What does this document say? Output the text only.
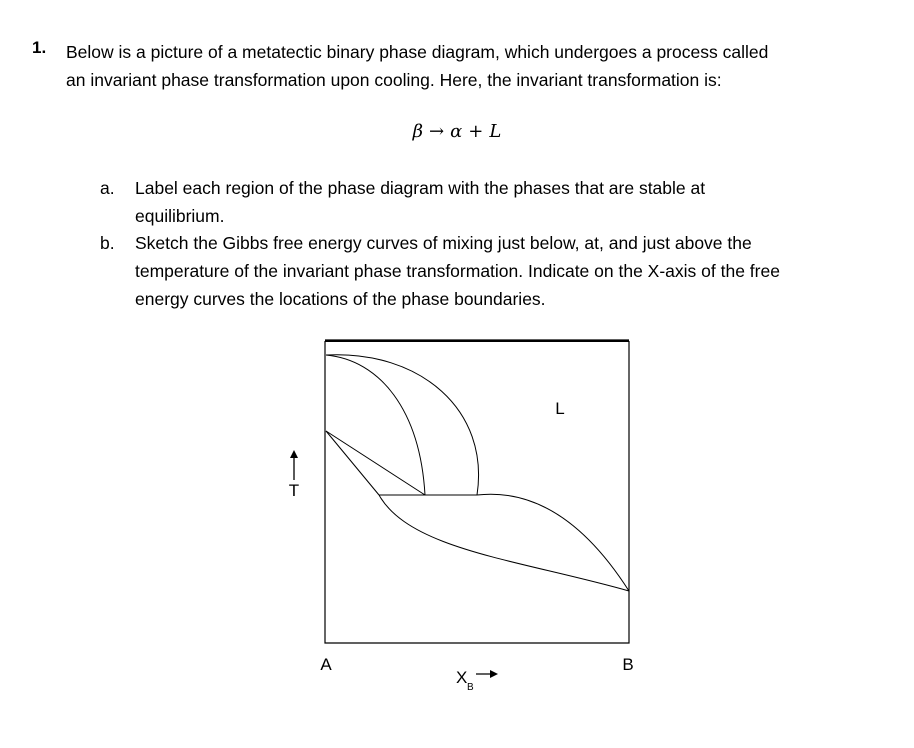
1. Below is a picture of a metatectic binary phase diagram, which undergoes a process called
an invariant phase transformation upon cooling. Here, the invariant transformation is:
β → α + L
a. Label each region of the phase diagram with the phases that are stable at
equilibrium.
b. Sketch the Gibbs free energy curves of mixing just below, at, and just above the
temperature of the invariant phase transformation. Indicate on the X-axis of the free
energy curves the locations of the phase boundaries.
L
T
A	B
X
B
